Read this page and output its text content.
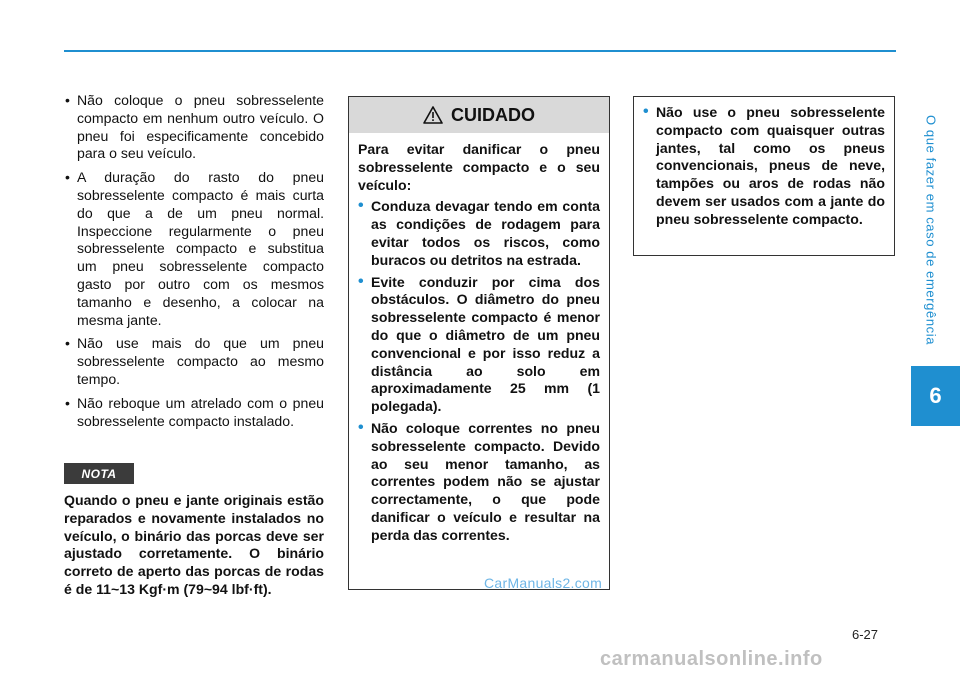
O que fazer em caso de emergência
6
• Não coloque o pneu sobresselente compacto em nenhum outro veículo. O pneu foi especificamente concebido para o seu veículo.
• A duração do rasto do pneu sobresselente compacto é mais curta do que a de um pneu normal. Inspeccione regularmente o pneu sobresselente compacto e substitua um pneu sobresselente compacto gasto por outro com os mesmos tamanho e desenho, a colocar na mesma jante.
• Não use mais do que um pneu sobresselente compacto ao mesmo tempo.
• Não reboque um atrelado com o pneu sobresselente compacto instalado.
NOTA
Quando o pneu e jante originais estão reparados e novamente instalados no veículo, o binário das porcas deve ser ajustado corretamente. O binário correto de aperto das porcas de rodas é de 11~13 Kgf·m (79~94 lbf·ft).
CUIDADO
Para evitar danificar o pneu sobresselente compacto e o seu veículo:
• Conduza devagar tendo em conta as condições de rodagem para evitar todos os riscos, como buracos ou detritos na estrada.
• Evite conduzir por cima dos obstáculos. O diâmetro do pneu sobresselente compacto é menor do que o diâmetro de um pneu convencional e por isso reduz a distância ao solo em aproximadamente 25 mm (1 polegada).
• Não coloque correntes no pneu sobresselente compacto. Devido ao seu menor tamanho, as correntes podem não se ajustar correctamente, o que pode danificar o veículo e resultar na perda das correntes.
• Não use o pneu sobresselente compacto com quaisquer outras jantes, tal como os pneus convencionais, pneus de neve, tampões ou aros de rodas não devem ser usados com a jante do pneu sobresselente compacto.
6-27
CarManuals2.com
carmanualsonline.info
